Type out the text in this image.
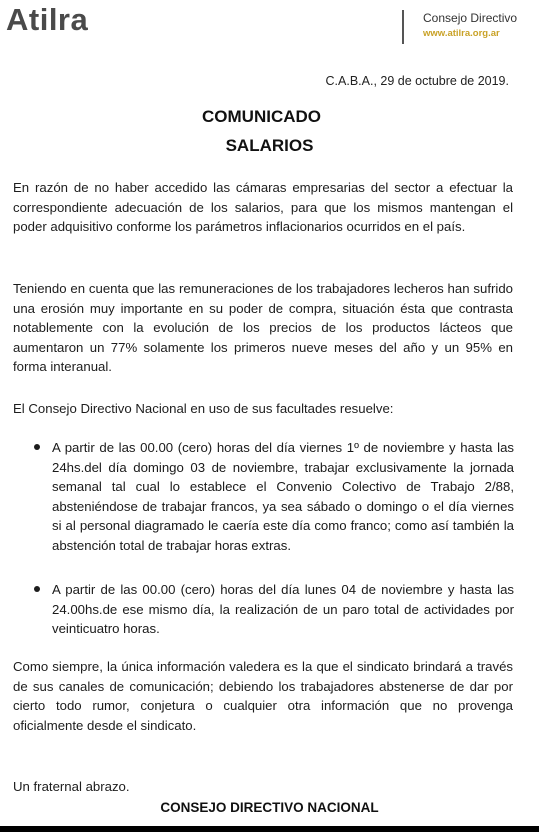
Atilra	Consejo Directivo
www.atilra.org.ar
C.A.B.A., 29 de octubre de 2019.
COMUNICADO
SALARIOS
En razón de no haber accedido las cámaras empresarias del sector a efectuar la correspondiente adecuación de los salarios, para que los mismos mantengan el poder adquisitivo conforme los parámetros inflacionarios ocurridos en el país.
Teniendo en cuenta que las remuneraciones de los trabajadores lecheros han sufrido una erosión muy importante en su poder de compra, situación ésta que contrasta notablemente con la evolución de los precios de los productos lácteos que aumentaron un 77% solamente los primeros nueve meses del año y un 95% en forma interanual.
El Consejo Directivo Nacional en uso de sus facultades resuelve:
A partir de las 00.00 (cero) horas del día viernes 1º de noviembre y hasta las 24hs.del día domingo 03 de noviembre, trabajar exclusivamente la jornada semanal tal cual lo establece el Convenio Colectivo de Trabajo 2/88, absteniéndose de trabajar francos, ya sea sábado o domingo o el día viernes si al personal diagramado le caería este día como franco; como así también la abstención total de trabajar horas extras.
A partir de las 00.00 (cero) horas del día lunes 04 de noviembre y hasta las 24.00hs.de ese mismo día, la realización de un paro total de actividades por veinticuatro horas.
Como siempre, la única información valedera es la que el sindicato brindará a través de sus canales de comunicación; debiendo los trabajadores abstenerse de dar por cierto todo rumor, conjetura o cualquier otra información que no provenga oficialmente desde el sindicato.
Un fraternal abrazo.
CONSEJO DIRECTIVO NACIONAL
